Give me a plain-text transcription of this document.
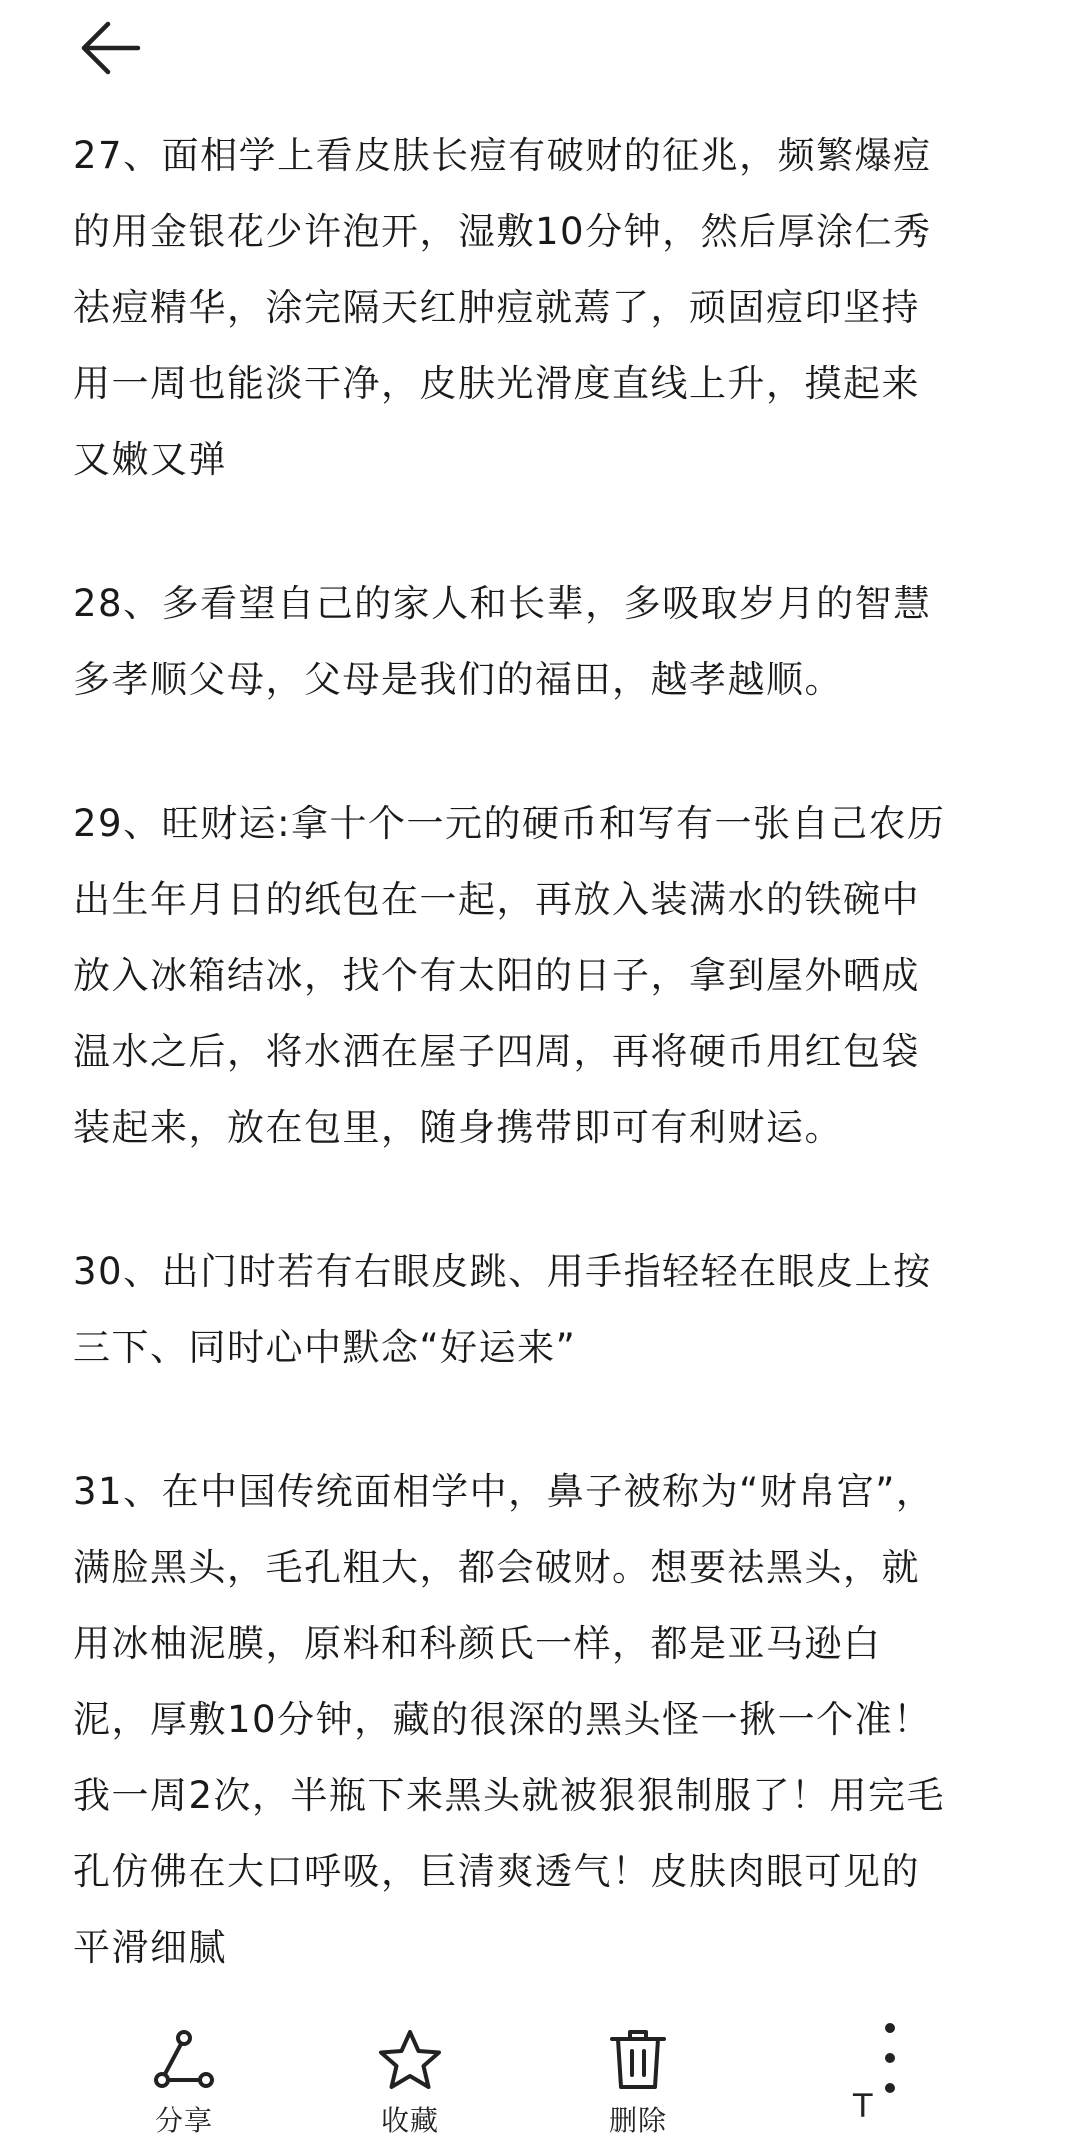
27、面相学上看皮肤长痘有破财的征兆，频繁爆痘
的用金银花少许泡开，湿敷10分钟，然后厚涂仁秀
祛痘精华，涂完隔天红肿痘就蔫了，顽固痘印坚持
用一周也能淡干净，皮肤光滑度直线上升，摸起来
又嫩又弹

28、多看望自己的家人和长辈，多吸取岁月的智慧
多孝顺父母，父母是我们的福田，越孝越顺。

29、旺财运:拿十个一元的硬币和写有一张自己农历
出生年月日的纸包在一起，再放入装满水的铁碗中
放入冰箱结冰，找个有太阳的日子，拿到屋外晒成
温水之后，将水洒在屋子四周，再将硬币用红包袋
装起来，放在包里，随身携带即可有利财运。

30、出门时若有右眼皮跳、用手指轻轻在眼皮上按
三下、同时心中默念“好运来”

31、在中国传统面相学中，鼻子被称为“财帛宫”，
满脸黑头，毛孔粗大，都会破财。想要祛黑头，就
用冰柚泥膜，原料和科颜氏一样，都是亚马逊白
泥，厚敷10分钟，藏的很深的黑头怪一揪一个准！
我一周2次，半瓶下来黑头就被狠狠制服了！用完毛
孔仿佛在大口呼吸，巨清爽透气！皮肤肉眼可见的
平滑细腻

分享	收藏	删除	T
